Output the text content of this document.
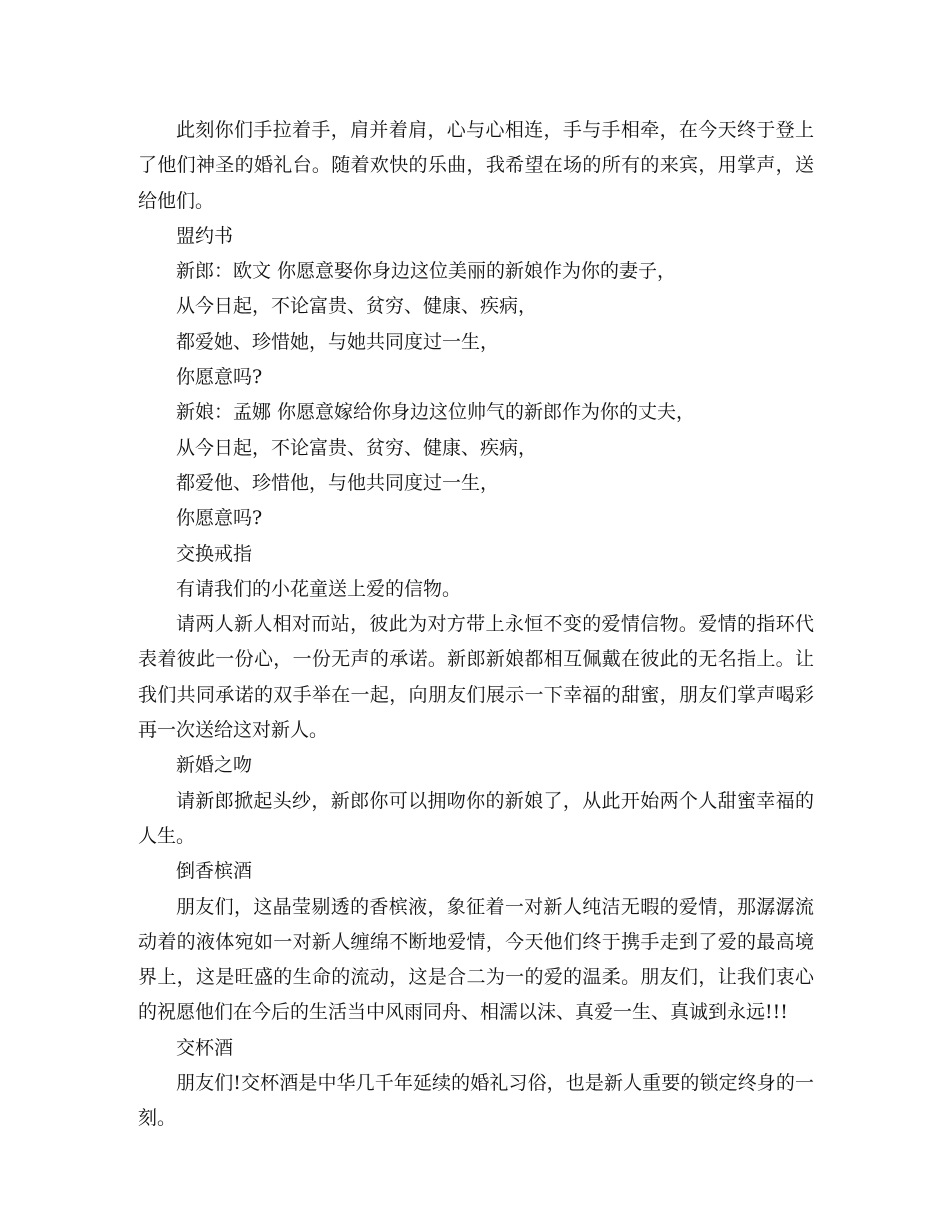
此刻你们手拉着手，肩并着肩，心与心相连，手与手相牵，在今天终于登上了他们神圣的婚礼台。随着欢快的乐曲，我希望在场的所有的来宾，用掌声，送给他们。

盟约书

新郎：欧文 你愿意娶你身边这位美丽的新娘作为你的妻子，

从今日起，不论富贵、贫穷、健康、疾病，

都爱她、珍惜她，与她共同度过一生，

你愿意吗?

新娘：孟娜 你愿意嫁给你身边这位帅气的新郎作为你的丈夫，

从今日起，不论富贵、贫穷、健康、疾病，

都爱他、珍惜他，与他共同度过一生，

你愿意吗?

交换戒指

有请我们的小花童送上爱的信物。

请两人新人相对而站，彼此为对方带上永恒不变的爱情信物。爱情的指环代表着彼此一份心，一份无声的承诺。新郎新娘都相互佩戴在彼此的无名指上。让我们共同承诺的双手举在一起，向朋友们展示一下幸福的甜蜜，朋友们掌声喝彩再一次送给这对新人。

新婚之吻

请新郎掀起头纱，新郎你可以拥吻你的新娘了，从此开始两个人甜蜜幸福的人生。

倒香槟酒

朋友们，这晶莹剔透的香槟液，象征着一对新人纯洁无暇的爱情，那潺潺流动着的液体宛如一对新人缠绵不断地爱情，今天他们终于携手走到了爱的最高境界上，这是旺盛的生命的流动，这是合二为一的爱的温柔。朋友们，让我们衷心的祝愿他们在今后的生活当中风雨同舟、相濡以沫、真爱一生、真诚到永远!!!

交杯酒

朋友们!交杯酒是中华几千年延续的婚礼习俗，也是新人重要的锁定终身的一刻。
